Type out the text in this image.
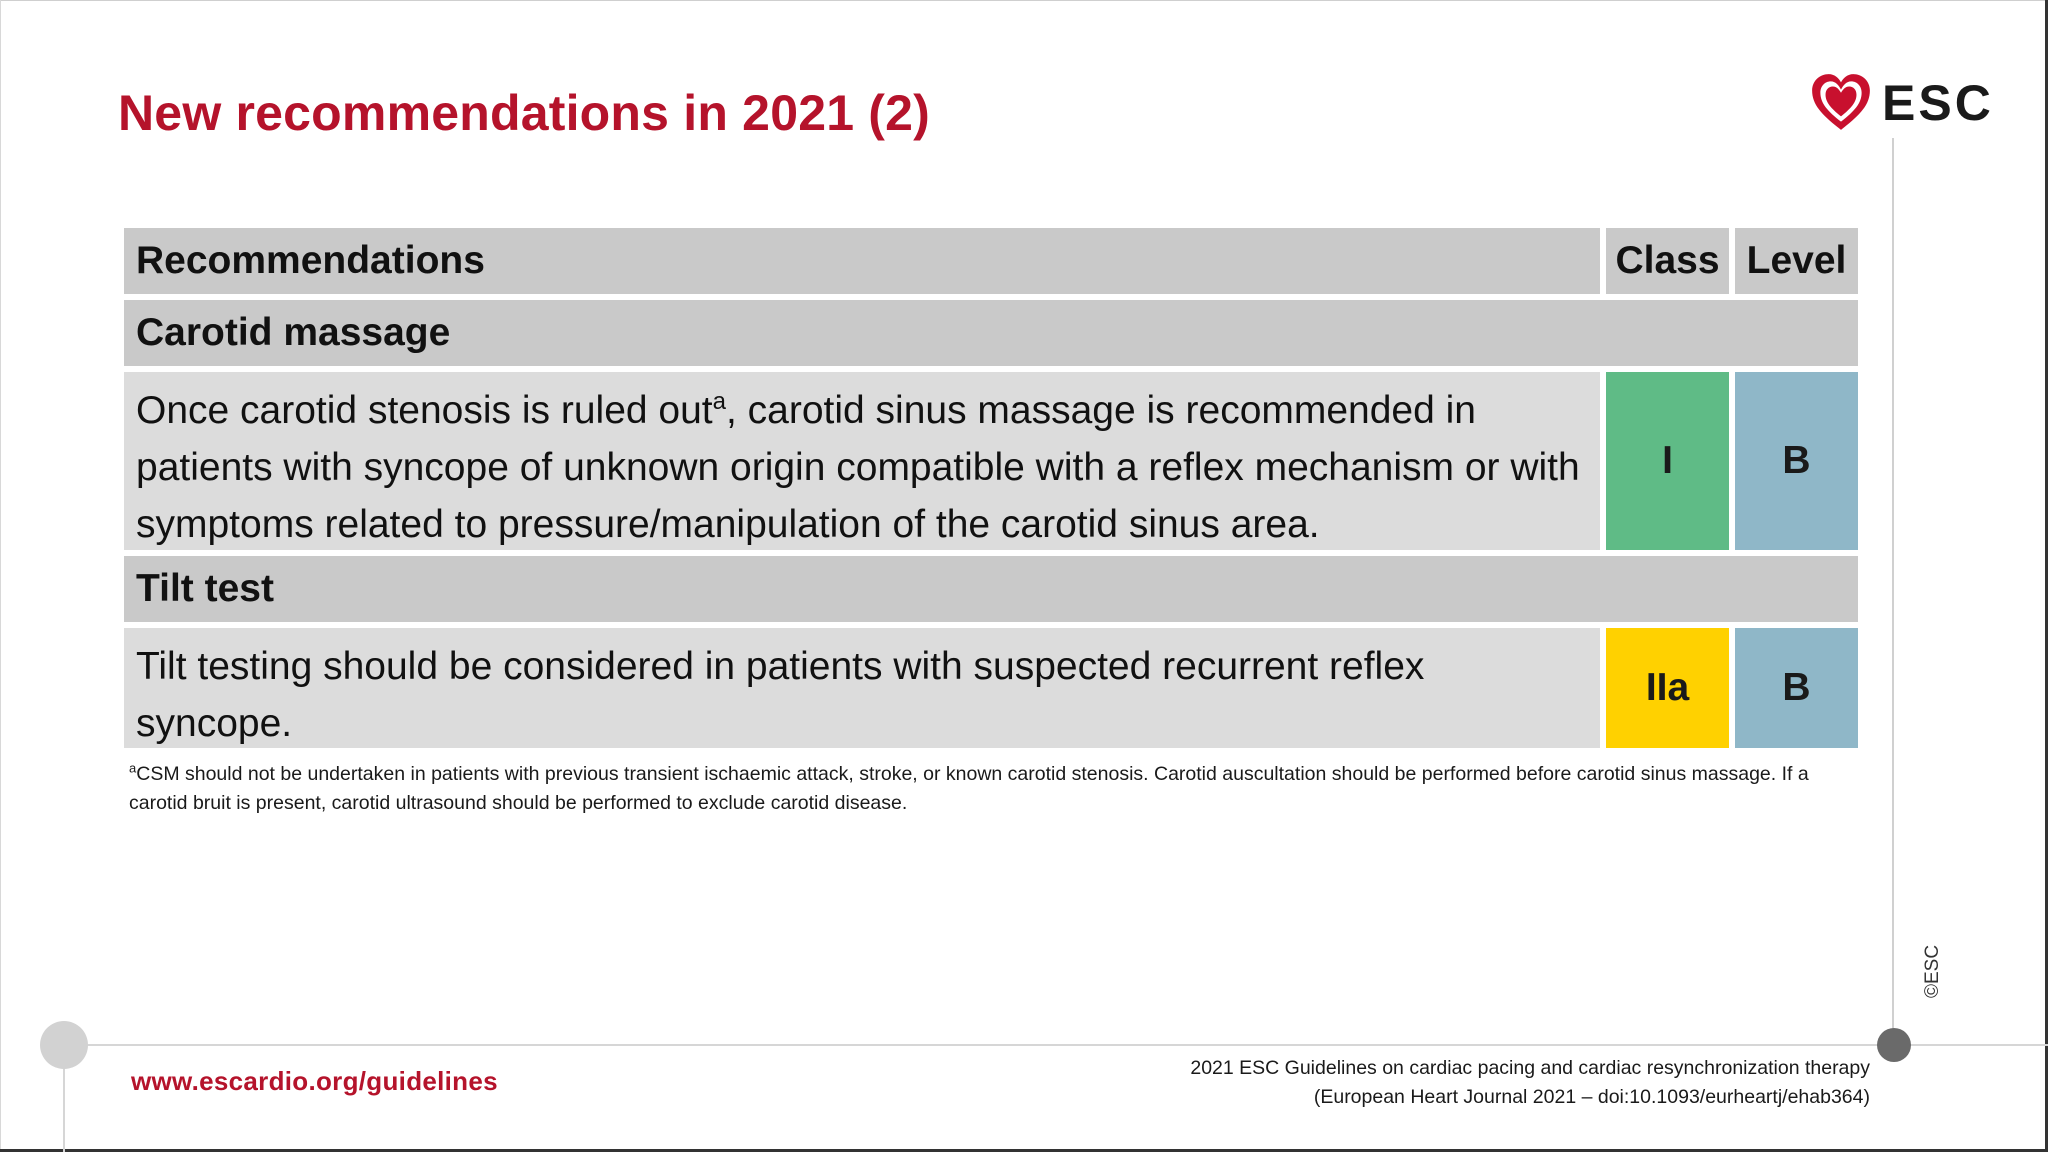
New recommendations in 2021 (2)	ESC
©ESC
Recommendations	Class Level
Carotid massage
Once carotid stenosis is ruled out$^a$, carotid sinus massage is recommended in patients with syncope of unknown origin compatible with a reflex mechanism or with symptoms related to pressure/manipulation of the carotid sinus area.
I	B
Tilt test
Tilt testing should be considered in patients with suspected recurrent reflex syncope.
IIa	B
$^a$CSM should not be undertaken in patients with previous transient ischaemic attack, stroke, or known carotid stenosis. Carotid auscultation should be performed before carotid sinus massage. If a carotid bruit is present, carotid ultrasound should be performed to exclude carotid disease.
www.escardio.org/guidelines	2021 ESC Guidelines on cardiac pacing and cardiac resynchronization therapy
(European Heart Journal 2021 – doi:10.1093/eurheartj/ehab364)
